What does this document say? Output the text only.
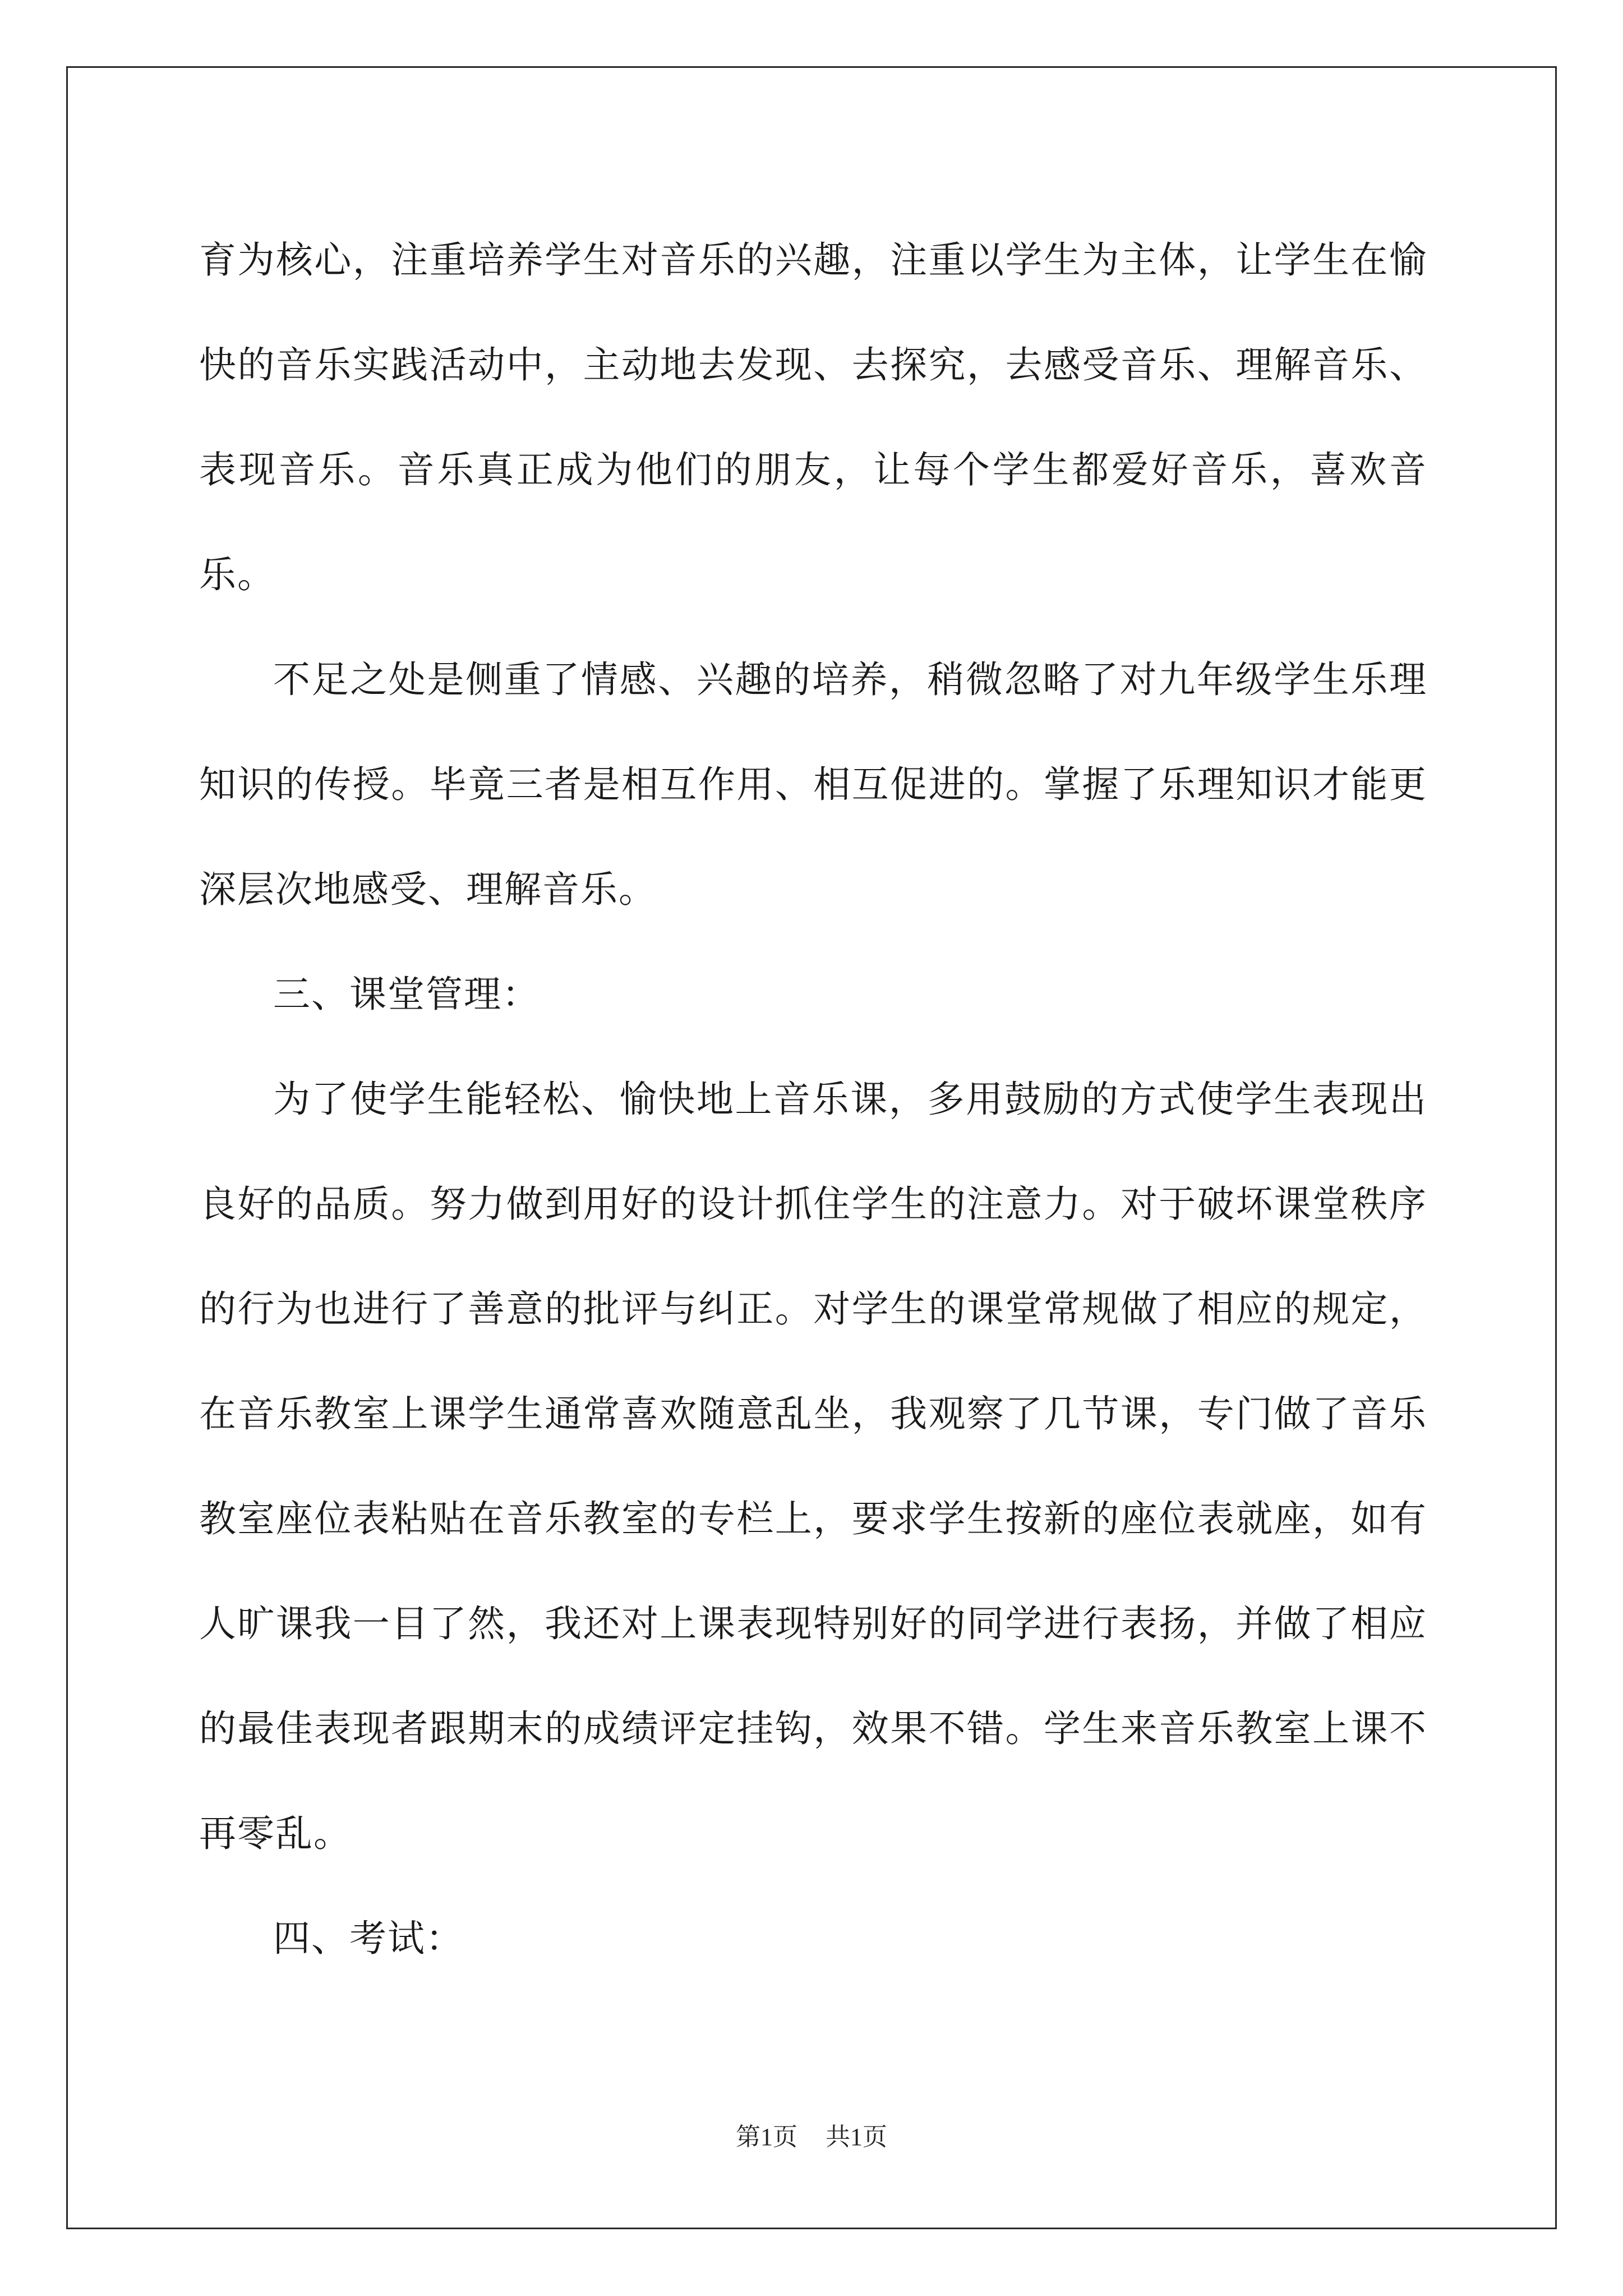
育为核心，注重培养学生对音乐的兴趣，注重以学生为主体，让学生在愉快的音乐实践活动中，主动地去发现、去探究，去感受音乐、理解音乐、表现音乐。音乐真正成为他们的朋友，让每个学生都爱好音乐，喜欢音乐。

不足之处是侧重了情感、兴趣的培养，稍微忽略了对九年级学生乐理知识的传授。毕竟三者是相互作用、相互促进的。掌握了乐理知识才能更深层次地感受、理解音乐。

三、课堂管理：

为了使学生能轻松、愉快地上音乐课，多用鼓励的方式使学生表现出良好的品质。努力做到用好的设计抓住学生的注意力。对于破坏课堂秩序的行为也进行了善意的批评与纠正。对学生的课堂常规做了相应的规定，在音乐教室上课学生通常喜欢随意乱坐，我观察了几节课，专门做了音乐教室座位表粘贴在音乐教室的专栏上，要求学生按新的座位表就座，如有人旷课我一目了然，我还对上课表现特别好的同学进行表扬，并做了相应的最佳表现者跟期末的成绩评定挂钩，效果不错。学生来音乐教室上课不再零乱。

四、考试：

第1页 共1页
